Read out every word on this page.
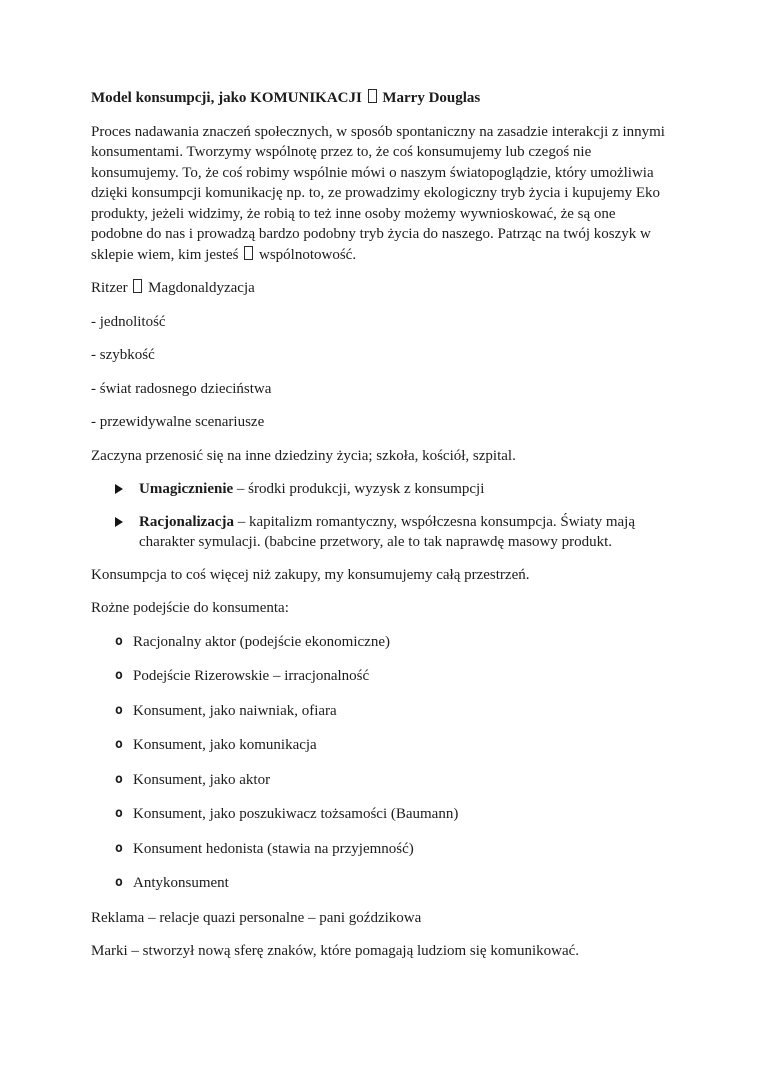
Model konsumpcji, jako KOMUNIKACJI  Marry Douglas

Proces nadawania znaczeń społecznych, w sposób spontaniczny na zasadzie interakcji z innymi konsumentami. Tworzymy wspólnotę przez to, że coś konsumujemy lub czegoś nie konsumujemy. To, że coś robimy wspólnie mówi o naszym światopoglądzie, który umożliwia dzięki konsumpcji komunikację np. to, ze prowadzimy ekologiczny tryb życia i kupujemy Eko produkty, jeżeli widzimy, że robią to też inne osoby możemy wywnioskować, że są one podobne do nas i prowadzą bardzo podobny tryb życia do naszego. Patrząc na twój koszyk w sklepie wiem, kim jesteś  wspólnotowość.

Ritzer  Magdonaldyzacja

- jednolitość

- szybkość

- świat radosnego dzieciństwa

- przewidywalne scenariusze

Zaczyna przenosić się na inne dziedziny życia; szkoła, kościół, szpital.

Umagicznienie – środki produkcji, wyzysk z konsumpcji
Racjonalizacja – kapitalizm romantyczny, współczesna konsumpcja. Światy mają charakter symulacji. (babcine przetwory, ale to tak naprawdę masowy produkt.

Konsumpcja to coś więcej niż zakupy, my konsumujemy całą przestrzeń.

Rożne podejście do konsumenta:

o Racjonalny aktor (podejście ekonomiczne)
o Podejście Rizerowskie – irracjonalność
o Konsument, jako naiwniak, ofiara
o Konsument, jako komunikacja
o Konsument, jako aktor
o Konsument, jako poszukiwacz tożsamości (Baumann)
o Konsument hedonista (stawia na przyjemność)
o Antykonsument

Reklama – relacje quazi personalne – pani goździkowa

Marki – stworzył nową sferę znaków, które pomagają ludziom się komunikować.
